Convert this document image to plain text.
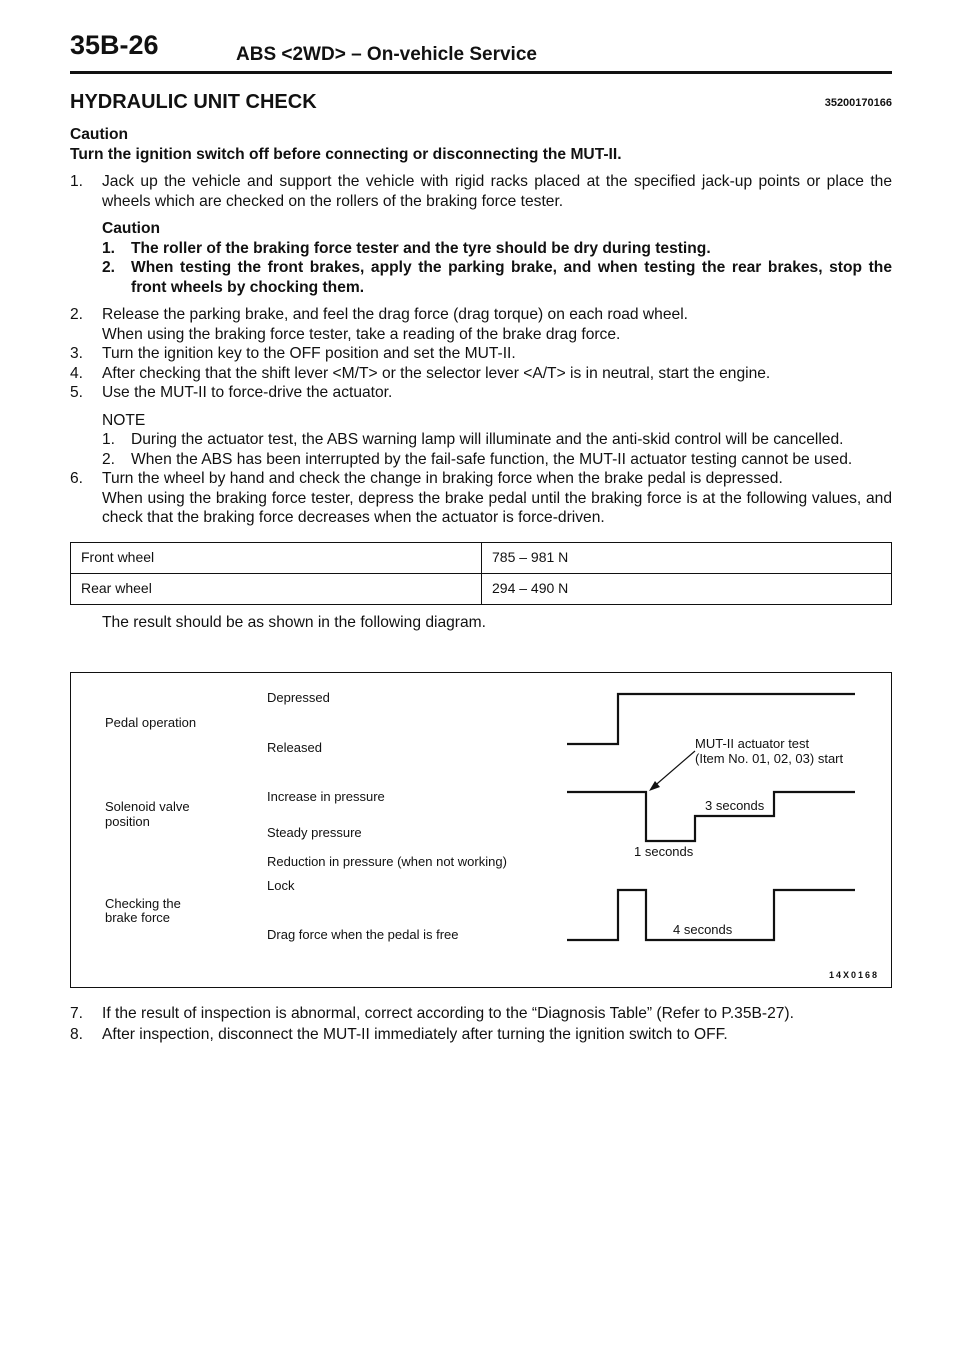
35B-26	ABS <2WD> – On-vehicle Service
HYDRAULIC UNIT CHECK	35200170166

Caution

Turn the ignition switch off before connecting or disconnecting the MUT-II.

1.	Jack up the vehicle and support the vehicle with rigid racks placed at the specified jack-up points or place the wheels which are checked on the rollers of the braking force tester.

Caution

1.	The roller of the braking force tester and the tyre should be dry during testing.
2.	When testing the front brakes, apply the parking brake, and when testing the rear brakes, stop the front wheels by chocking them.
2.	Release the parking brake, and feel the drag force (drag torque) on each road wheel.
When using the braking force tester, take a reading of the brake drag force.
3.	Turn the ignition key to the OFF position and set the MUT-II.
4.	After checking that the shift lever <M/T> or the selector lever <A/T> is in neutral, start the engine.
5.	Use the MUT-II to force-drive the actuator.

NOTE

1.	During the actuator test, the ABS warning lamp will illuminate and the anti-skid control will be cancelled.
2.	When the ABS has been interrupted by the fail-safe function, the MUT-II actuator testing cannot be used.
6.	Turn the wheel by hand and check the change in braking force when the brake pedal is depressed.
When using the braking force tester, depress the brake pedal until the braking force is at the following values, and check that the braking force decreases when the actuator is force-driven.
Front wheel	785 – 981 N
Rear wheel	294 – 490 N

The result should be as shown in the following diagram.

Pedal operation
Solenoid valve
position
Checking the
brake force
Depressed
Released
Increase in pressure
Steady pressure
Reduction in pressure (when not working)
Lock
Drag force when the pedal is free
MUT-II actuator test
(Item No. 01, 02, 03) start
3 seconds
1 seconds
4 seconds
14X0168
7.	If the result of inspection is abnormal, correct according to the “Diagnosis Table” (Refer to P.35B-27).
8.	After inspection, disconnect the MUT-II immediately after turning the ignition switch to OFF.
